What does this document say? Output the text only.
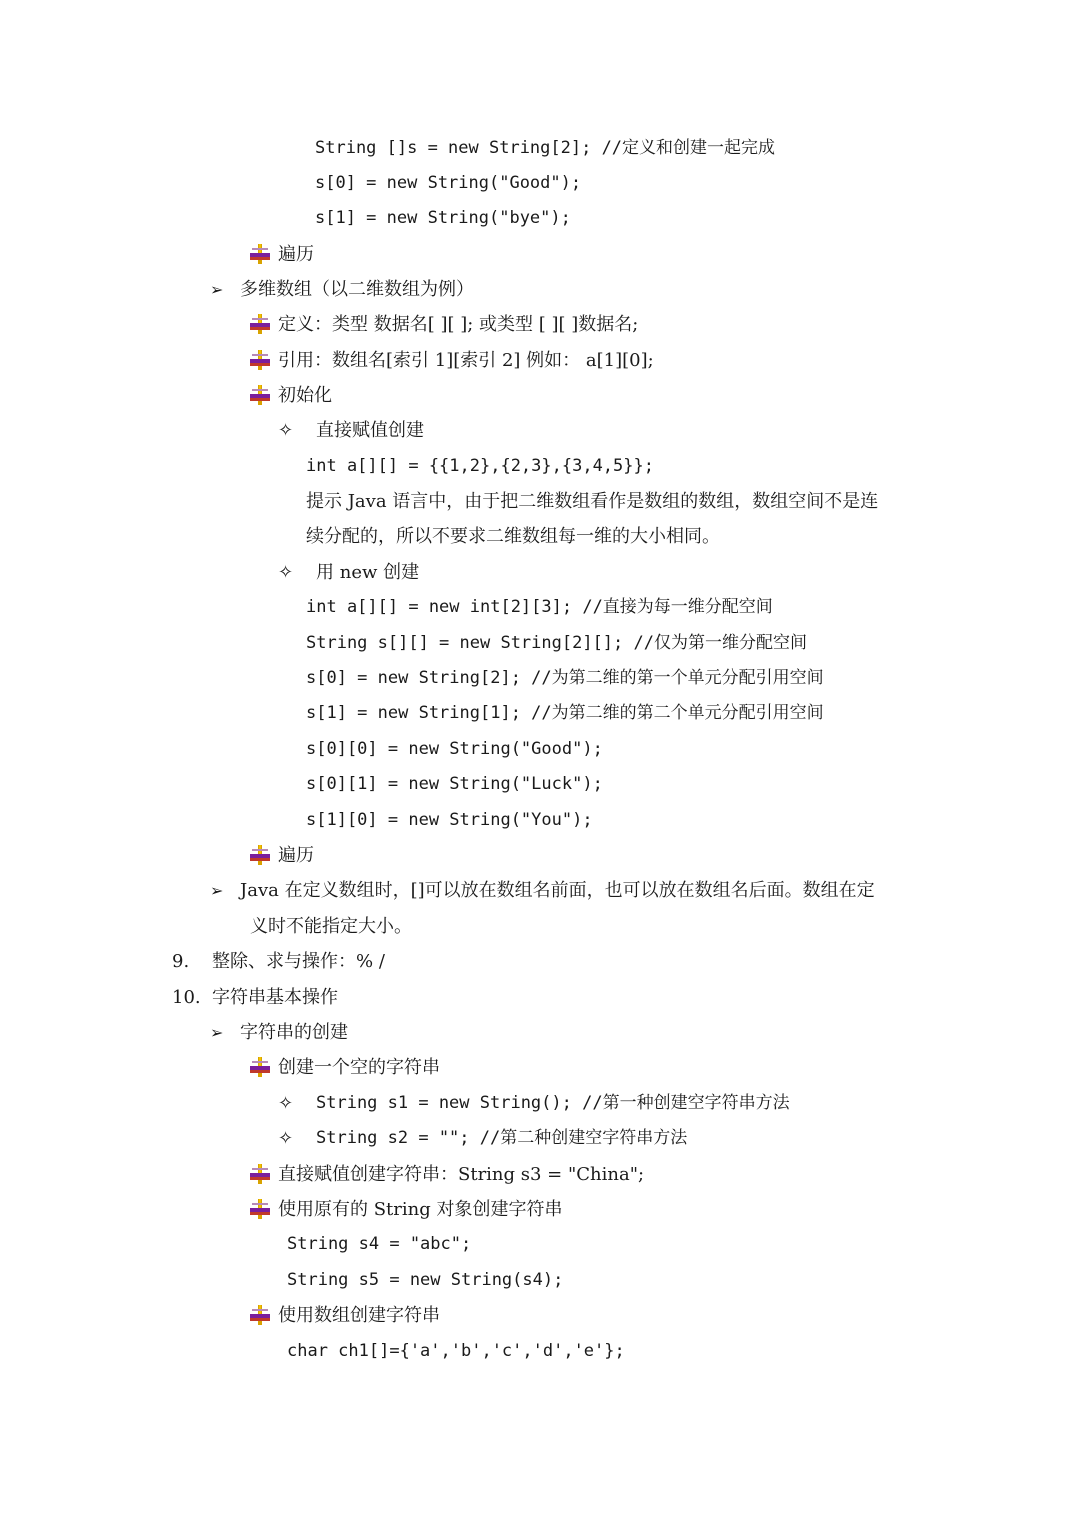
String []s = new String[2]; //定义和创建一起完成
s[0] = new String("Good");
s[1] = new String("bye");
遍历
➢ 多维数组（以二维数组为例）
定义：类型 数据名[ ][ ]; 或类型 [ ][ ]数据名;
引用：数组名[索引 1][索引 2] 例如： a[1][0];
初始化
✧ 直接赋值创建
int a[][] = {{1,2},{2,3},{3,4,5}};
提示 Java 语言中，由于把二维数组看作是数组的数组，数组空间不是连
续分配的，所以不要求二维数组每一维的大小相同。
✧ 用 new 创建
int a[][] = new int[2][3]; //直接为每一维分配空间
String s[][] = new String[2][]; //仅为第一维分配空间
s[0] = new String[2]; //为第二维的第一个单元分配引用空间
s[1] = new String[1]; //为第二维的第二个单元分配引用空间
s[0][0] = new String("Good");
s[0][1] = new String("Luck");
s[1][0] = new String("You");
遍历
➢ Java 在定义数组时，[]可以放在数组名前面，也可以放在数组名后面。数组在定
义时不能指定大小。
9. 整除、求与操作：% /
10. 字符串基本操作
➢ 字符串的创建
创建一个空的字符串
✧ String s1 = new String(); //第一种创建空字符串方法
✧ String s2 = ""; //第二种创建空字符串方法
直接赋值创建字符串：String s3 = "China";
使用原有的 String 对象创建字符串
String s4 = "abc";
String s5 = new String(s4);
使用数组创建字符串
char ch1[]={'a','b','c','d','e'};
